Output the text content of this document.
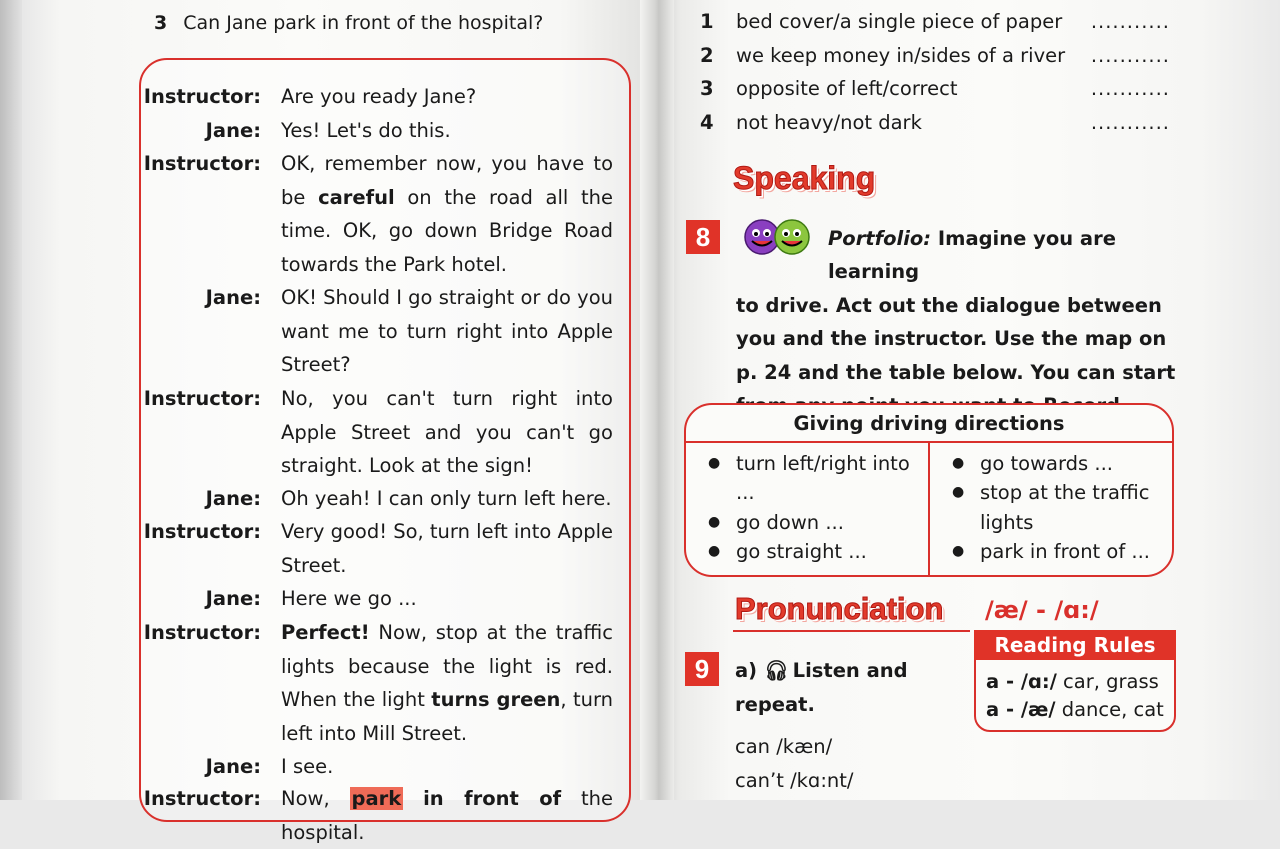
3 Can Jane park in front of the hospital?
Instructor: Are you ready Jane?
Jane: Yes! Let's do this.
Instructor: OK, remember now, you have to be careful on the road all the time. OK, go down Bridge Road towards the Park hotel.
Jane: OK! Should I go straight or do you want me to turn right into Apple Street?
Instructor: No, you can't turn right into Apple Street and you can't go straight. Look at the sign!
Jane: Oh yeah! I can only turn left here.
Instructor: Very good! So, turn left into Apple Street.
Jane: Here we go ...
Instructor: Perfect! Now, stop at the traffic lights because the light is red. When the light turns green, turn left into Mill Street.
Jane: I see.
Instructor: Now, park in front of the hospital.
1 bed cover/a single piece of paper ...........
2 we keep money in/sides of a river ...........
3 opposite of left/correct	...........
4 not heavy/not dark	...........
Speaking
8	Portfolio: Imagine you are learning
to drive. Act out the dialogue between you and the instructor. Use the map on p. 24 and the table below. You can start
Giving driving directions
● turn left/right into ...
● go down ...
● go straight ...
● go towards ...
● stop at the traffic lights
● park in front of ...
Pronunciation /æ/ - /ɑ:/
9	a) 🎧︎ Listen and repeat.
Reading Rules
a - /ɑ:/ car, grass
a - /æ/ dance, cat
can /kæn/
can’t /kɑ:nt/
